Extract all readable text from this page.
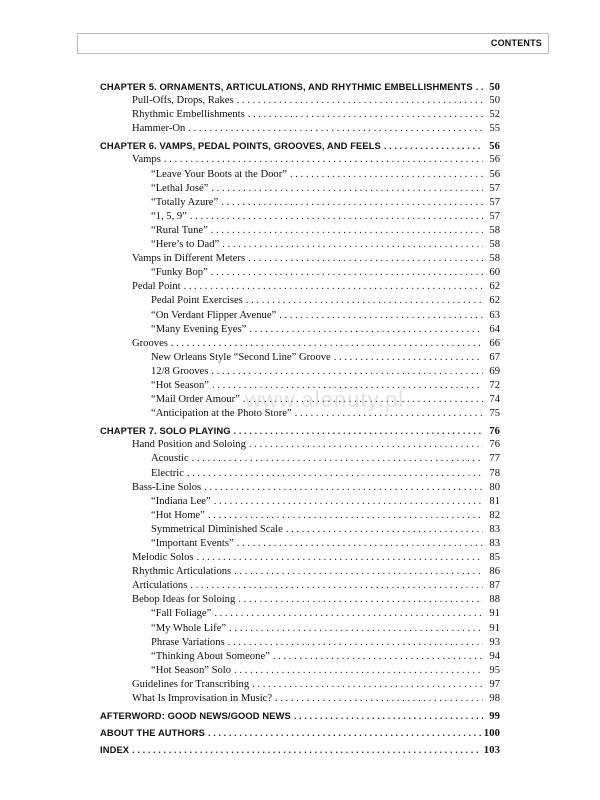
CONTENTS
CHAPTER 5. ORNAMENTS, ARTICULATIONS, AND RHYTHMIC EMBELLISHMENTS . . .	50
Pull-Offs, Drops, Rakes . . .	50
Rhythmic Embellishments . . .	52
Hammer-On . . .	55
CHAPTER 6. VAMPS, PEDAL POINTS, GROOVES, AND FEELS . . .	56
Vamps . . .	56
“Leave Your Boots at the Door” . . .	56
“Lethal José” . . .	57
“Totally Azure” . . .	57
“1, 5, 9” . . .	57
“Rural Tune” . . .	58
“Here’s to Dad” . . .	58
Vamps in Different Meters . . .	58
“Funky Bop” . . .	60
Pedal Point . . .	62
Pedal Point Exercises . . .	62
“On Verdant Flipper Avenue” . . .	63
“Many Evening Eyes” . . .	64
Grooves . . .	66
New Orleans Style “Second Line” Groove . . .	67
12/8 Grooves . . .	69
“Hot Season” . . .	72
“Mail Order Amour” . . .	74
“Anticipation at the Photo Store” . . .	75
CHAPTER 7. SOLO PLAYING . . .	76
Hand Position and Soloing . . .	76
Acoustic . . .	77
Electric . . .	78
Bass-Line Solos . . .	80
“Indiana Lee” . . .	81
“Hot Home” . . .	82
Symmetrical Diminished Scale . . .	83
“Important Events” . . .	83
Melodic Solos . . .	85
Rhythmic Articulations . . .	86
Articulations . . .	87
Bebop Ideas for Soloing . . .	88
“Fall Foliage” . . .	91
“My Whole Life” . . .	91
Phrase Variations . . .	93
“Thinking About Someone” . . .	94
“Hot Season” Solo . . .	95
Guidelines for Transcribing . . .	97
What Is Improvisation in Music? . . .	98
AFTERWORD: GOOD NEWS/GOOD NEWS . . .	99
ABOUT THE AUTHORS . . .	100
INDEX . . .	103
www.alenuty.pl
